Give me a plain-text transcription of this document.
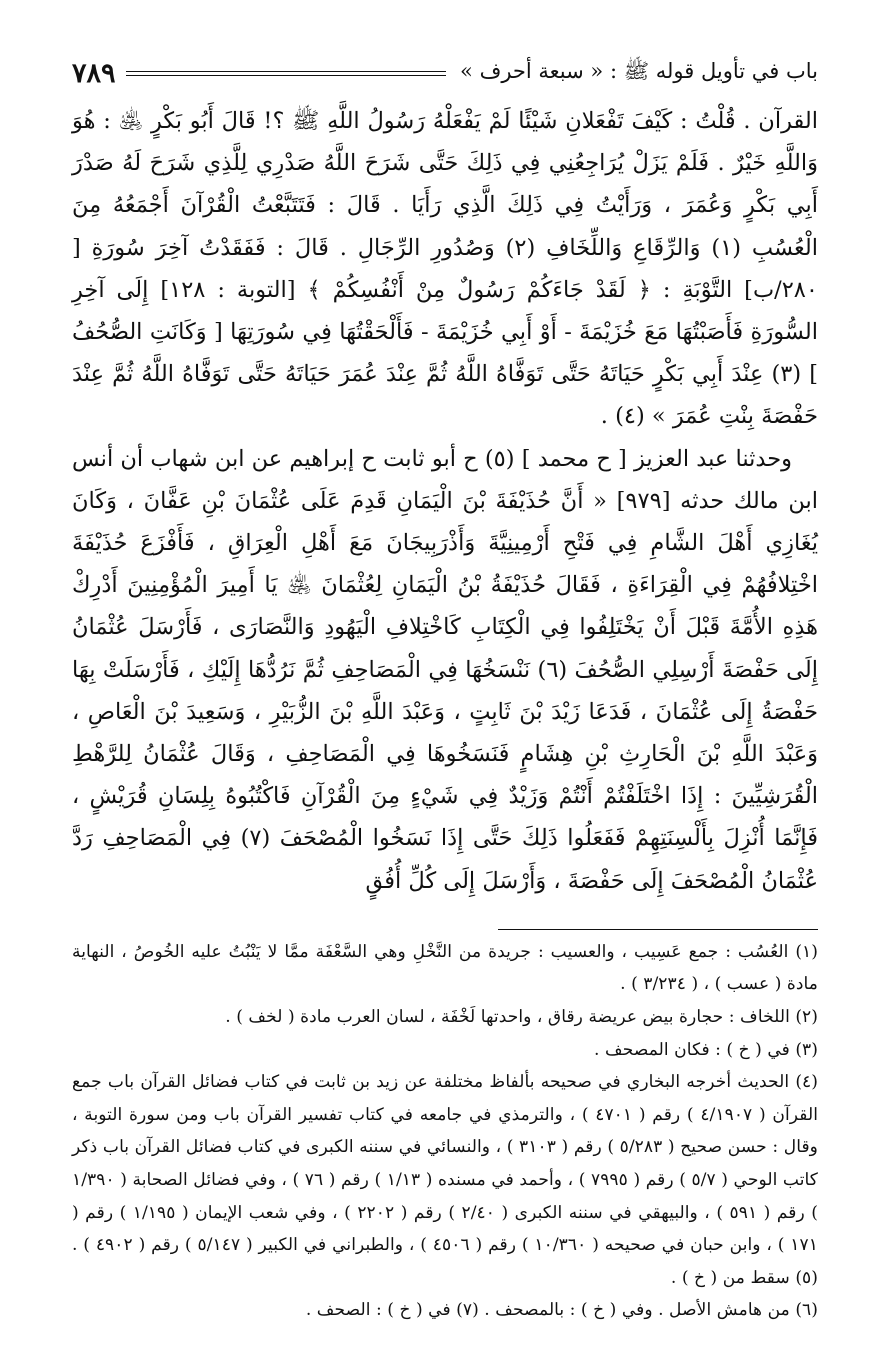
باب في تأويل قوله ﷺ : « سبعة أحرف »
٧٨٩

القرآن . قُلْتُ : كَيْفَ تَفْعَلانِ شَيْئًا لَمْ يَفْعَلْهُ رَسُولُ اللَّهِ ﷺ ؟! قَالَ أَبُو بَكْرٍ ﵁ : هُوَ وَاللَّهِ خَيْرٌ . فَلَمْ يَزَلْ يُرَاجِعُنِي فِي ذَلِكَ حَتَّى شَرَحَ اللَّهُ صَدْرِي لِلَّذِي شَرَحَ لَهُ صَدْرَ أَبِي بَكْرٍ وَعُمَرَ ، وَرَأَيْتُ فِي ذَلِكَ الَّذِي رَأَيَا . قَالَ : فَتَتَبَّعْتُ الْقُرْآنَ أَجْمَعُهُ مِنَ الْعُسُبِ (١) وَالرِّقَاعِ وَاللِّخَافِ (٢) وَصُدُورِ الرِّجَالِ . قَالَ : فَفَقَدْتُ آخِرَ سُورَةِ [ ٢٨٠/ب] التَّوْبَةِ : ﴿ لَقَدْ جَاءَكُمْ رَسُولٌ مِنْ أَنْفُسِكُمْ ﴾ [التوبة : ١٢٨] إِلَى آخِرِ السُّورَةِ فَأَصَبْتُهَا مَعَ خُزَيْمَةَ - أَوْ أَبِي خُزَيْمَةَ - فَأَلْحَقْتُهَا فِي سُورَتِهَا [ وَكَانَتِ الصُّحُفُ ] (٣) عِنْدَ أَبِي بَكْرٍ حَيَاتَهُ حَتَّى تَوَفَّاهُ اللَّهُ ثُمَّ عِنْدَ عُمَرَ حَيَاتَهُ حَتَّى تَوَفَّاهُ اللَّهُ ثُمَّ عِنْدَ حَفْصَةَ بِنْتِ عُمَرَ » (٤) .

وحدثنا عبد العزيز [ ح محمد ] (٥) ح أبو ثابت ح إبراهيم عن ابن شهاب أن أنس ابن مالك حدثه [٩٧٩] « أَنَّ حُذَيْفَةَ بْنَ الْيَمَانِ قَدِمَ عَلَى عُثْمَانَ بْنِ عَفَّانَ ، وَكَانَ يُغَازِي أَهْلَ الشَّامِ فِي فَتْحِ أَرْمِينِيَّةَ وَأَذْرَبِيجَانَ مَعَ أَهْلِ الْعِرَاقِ ، فَأَفْزَعَ حُذَيْفَةَ اخْتِلافُهُمْ فِي الْقِرَاءَةِ ، فَقَالَ حُذَيْفَةُ بْنُ الْيَمَانِ لِعُثْمَانَ ﵁ يَا أَمِيرَ الْمُؤْمِنِينَ أَدْرِكْ هَذِهِ الأُمَّةَ قَبْلَ أَنْ يَخْتَلِفُوا فِي الْكِتَابِ كَاخْتِلافِ الْيَهُودِ وَالنَّصَارَى ، فَأَرْسَلَ عُثْمَانُ إِلَى حَفْصَةَ أَرْسِلِي الصُّحُفَ (٦) نَنْسَخُهَا فِي الْمَصَاحِفِ ثُمَّ نَرُدُّهَا إِلَيْكِ ، فَأَرْسَلَتْ بِهَا حَفْصَةُ إِلَى عُثْمَانَ ، فَدَعَا زَيْدَ بْنَ ثَابِتٍ ، وَعَبْدَ اللَّهِ بْنَ الزُّبَيْرِ ، وَسَعِيدَ بْنَ الْعَاصِ ، وَعَبْدَ اللَّهِ بْنَ الْحَارِثِ بْنِ هِشَامٍ فَنَسَخُوهَا فِي الْمَصَاحِفِ ، وَقَالَ عُثْمَانُ لِلرَّهْطِ الْقُرَشِيِّينَ : إِذَا اخْتَلَفْتُمْ أَنْتُمْ وَزَيْدٌ فِي شَيْءٍ مِنَ الْقُرْآنِ فَاكْتُبُوهُ بِلِسَانِ قُرَيْشٍ ، فَإِنَّمَا أُنْزِلَ بِأَلْسِنَتِهِمْ فَفَعَلُوا ذَلِكَ حَتَّى إِذَا نَسَخُوا الْمُصْحَفَ (٧) فِي الْمَصَاحِفِ رَدَّ عُثْمَانُ الْمُصْحَفَ إِلَى حَفْصَةَ ، وَأَرْسَلَ إِلَى كُلِّ أُفُقٍ

(١) العُسُب : جمع عَسِيب ، والعسيب : جريدة من النَّخْلِ وهي السَّعْفَة ممَّا لا يَنْبُتُ عليه الخُوصُ ، النهاية مادة ( عسب ) ، ( ٣/٢٣٤ ) .

(٢) اللخاف : حجارة بيض عريضة رقاق ، واحدتها لَخْفَة ، لسان العرب مادة ( لخف ) .

(٣) في ( خ ) : فكان المصحف .

(٤) الحديث أخرجه البخاري في صحيحه بألفاظ مختلفة عن زيد بن ثابت في كتاب فضائل القرآن باب جمع القرآن ( ٤/١٩٠٧ ) رقم ( ٤٧٠١ ) ، والترمذي في جامعه في كتاب تفسير القرآن باب ومن سورة التوبة ، وقال : حسن صحيح ( ٥/٢٨٣ ) رقم ( ٣١٠٣ ) ، والنسائي في سننه الكبرى في كتاب فضائل القرآن باب ذكر كاتب الوحي ( ٥/٧ ) رقم ( ٧٩٩٥ ) ، وأحمد في مسنده ( ١/١٣ ) رقم ( ٧٦ ) ، وفي فضائل الصحابة ( ١/٣٩٠ ) رقم ( ٥٩١ ) ، والبيهقي في سننه الكبرى ( ٢/٤٠ ) رقم ( ٢٢٠٢ ) ، وفي شعب الإيمان ( ١/١٩٥ ) رقم ( ١٧١ ) ، وابن حبان في صحيحه ( ١٠/٣٦٠ ) رقم ( ٤٥٠٦ ) ، والطبراني في الكبير ( ٥/١٤٧ ) رقم ( ٤٩٠٢ ) . (٥) سقط من ( خ ) .

(٦) من هامش الأصل . وفي ( خ ) : بالمصحف . (٧) في ( خ ) : الصحف .
